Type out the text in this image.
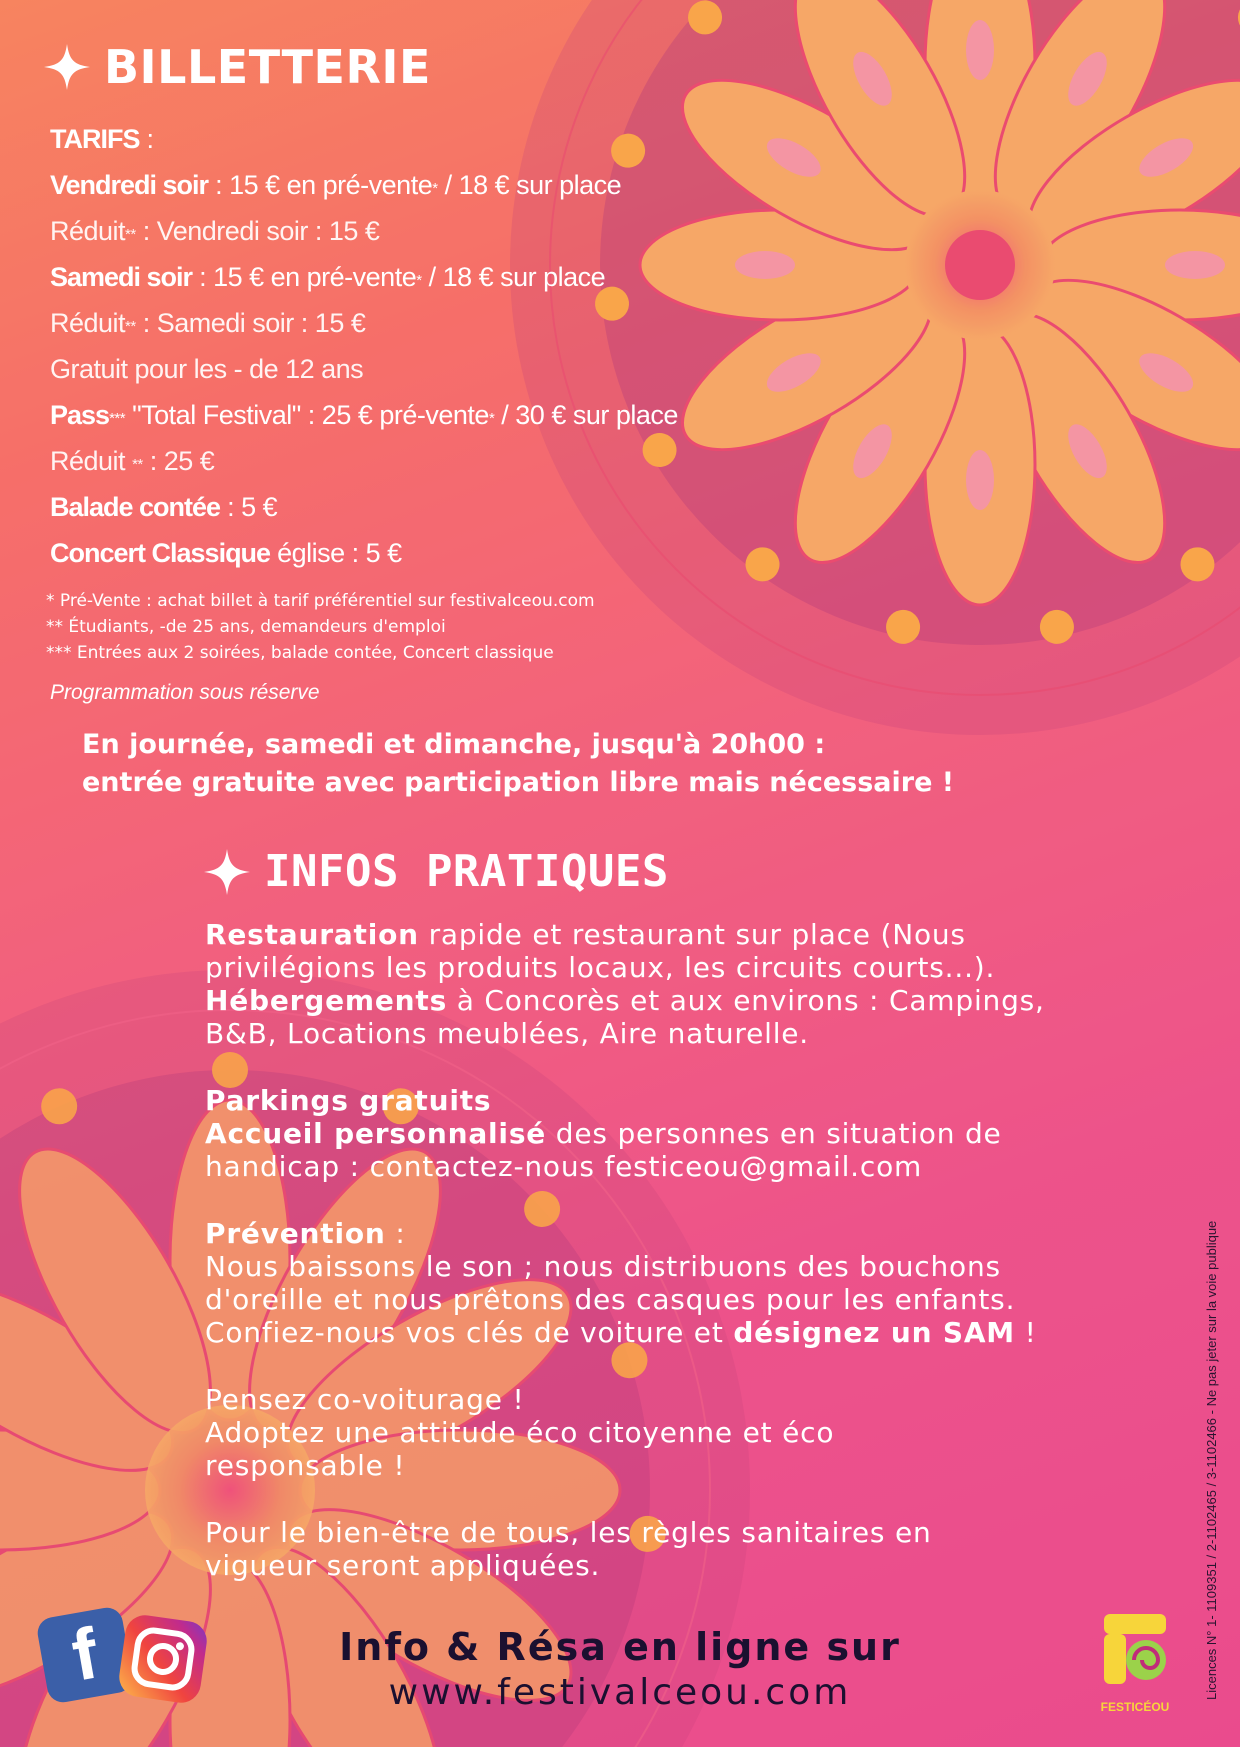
BILLETTERIE
TARIFS :
Vendredi soir : 15 € en pré-vente* / 18 € sur place
Réduit** : Vendredi soir : 15 €
Samedi soir : 15 € en pré-vente* / 18 € sur place
Réduit** : Samedi soir : 15 €
Gratuit pour les - de 12 ans
Pass*** "Total Festival" : 25 € pré-vente* / 30 € sur place
Réduit ** : 25 €
Balade contée : 5 €
Concert Classique église : 5 €
* Pré-Vente : achat billet à tarif préférentiel sur festivalceou.com
** Étudiants, -de 25 ans, demandeurs d'emploi
*** Entrées aux 2 soirées, balade contée, Concert classique
Programmation sous réserve
En journée, samedi et dimanche, jusqu'à 20h00 :
entrée gratuite avec participation libre mais nécessaire !
INFOS PRATIQUES
Restauration rapide et restaurant sur place (Nous
privilégions les produits locaux, les circuits courts...).
Hébergements à Concorès et aux environs : Campings,
B&B, Locations meublées, Aire naturelle.
Parkings gratuits
Accueil personnalisé des personnes en situation de
handicap : contactez-nous festiceou@gmail.com
Prévention :
Nous baissons le son ; nous distribuons des bouchons
d'oreille et nous prêtons des casques pour les enfants.
Confiez-nous vos clés de voiture et désignez un SAM !
Pensez co-voiturage !
Adoptez une attitude éco citoyenne et éco
responsable !
Pour le bien-être de tous, les règles sanitaires en
vigueur seront appliquées.
f	Info & Résa en ligne sur
www.festivalceou.com	FESTICÉOU
Licences N° 1- 1109351 / 2-1102465 / 3-1102466 - Ne pas jeter sur la voie publique
